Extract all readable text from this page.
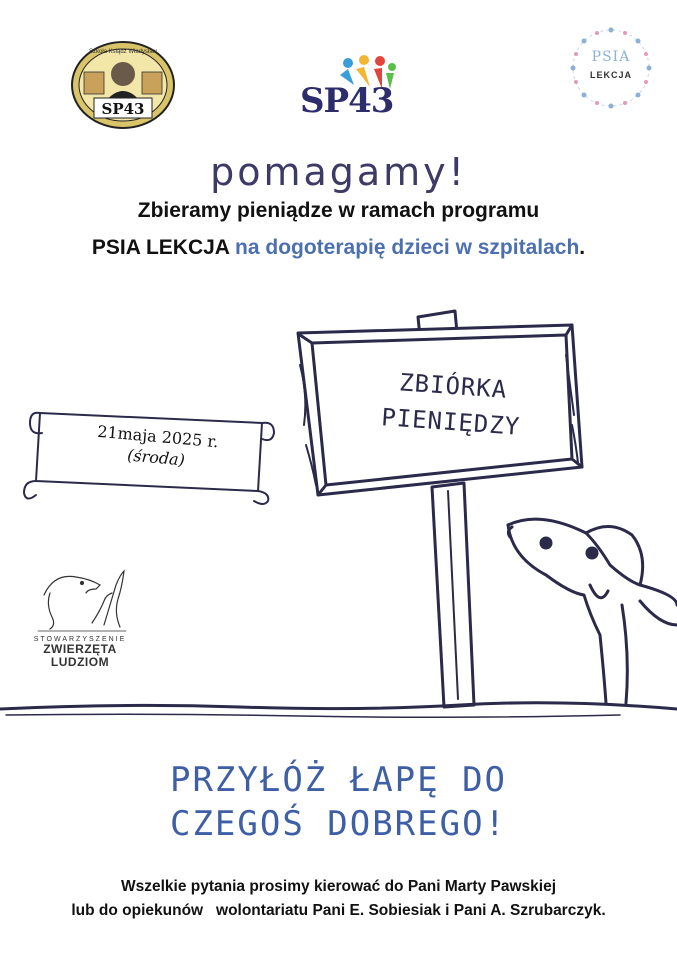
Szkoła Ksiądz Władysław
SP43	SP43
PSIA
LEKCJA
pomagamy!
Zbieramy pieniądze w ramach programu
PSIA LEKCJA na dogoterapię dzieci w szpitalach.
ZBIÓRKA
PIENIĘDZY
21maja 2025 r.
(środa)
STOWARZYSZENIE
ZWIERZĘTA
LUDZIOM
PRZYŁÓŻ ŁAPĘ DO
CZEGOŚ DOBREGO!
Wszelkie pytania prosimy kierować do Pani Marty Pawskiej
lub do opiekunów   wolontariatu Pani E. Sobiesiak i Pani A. Szrubarczyk.
